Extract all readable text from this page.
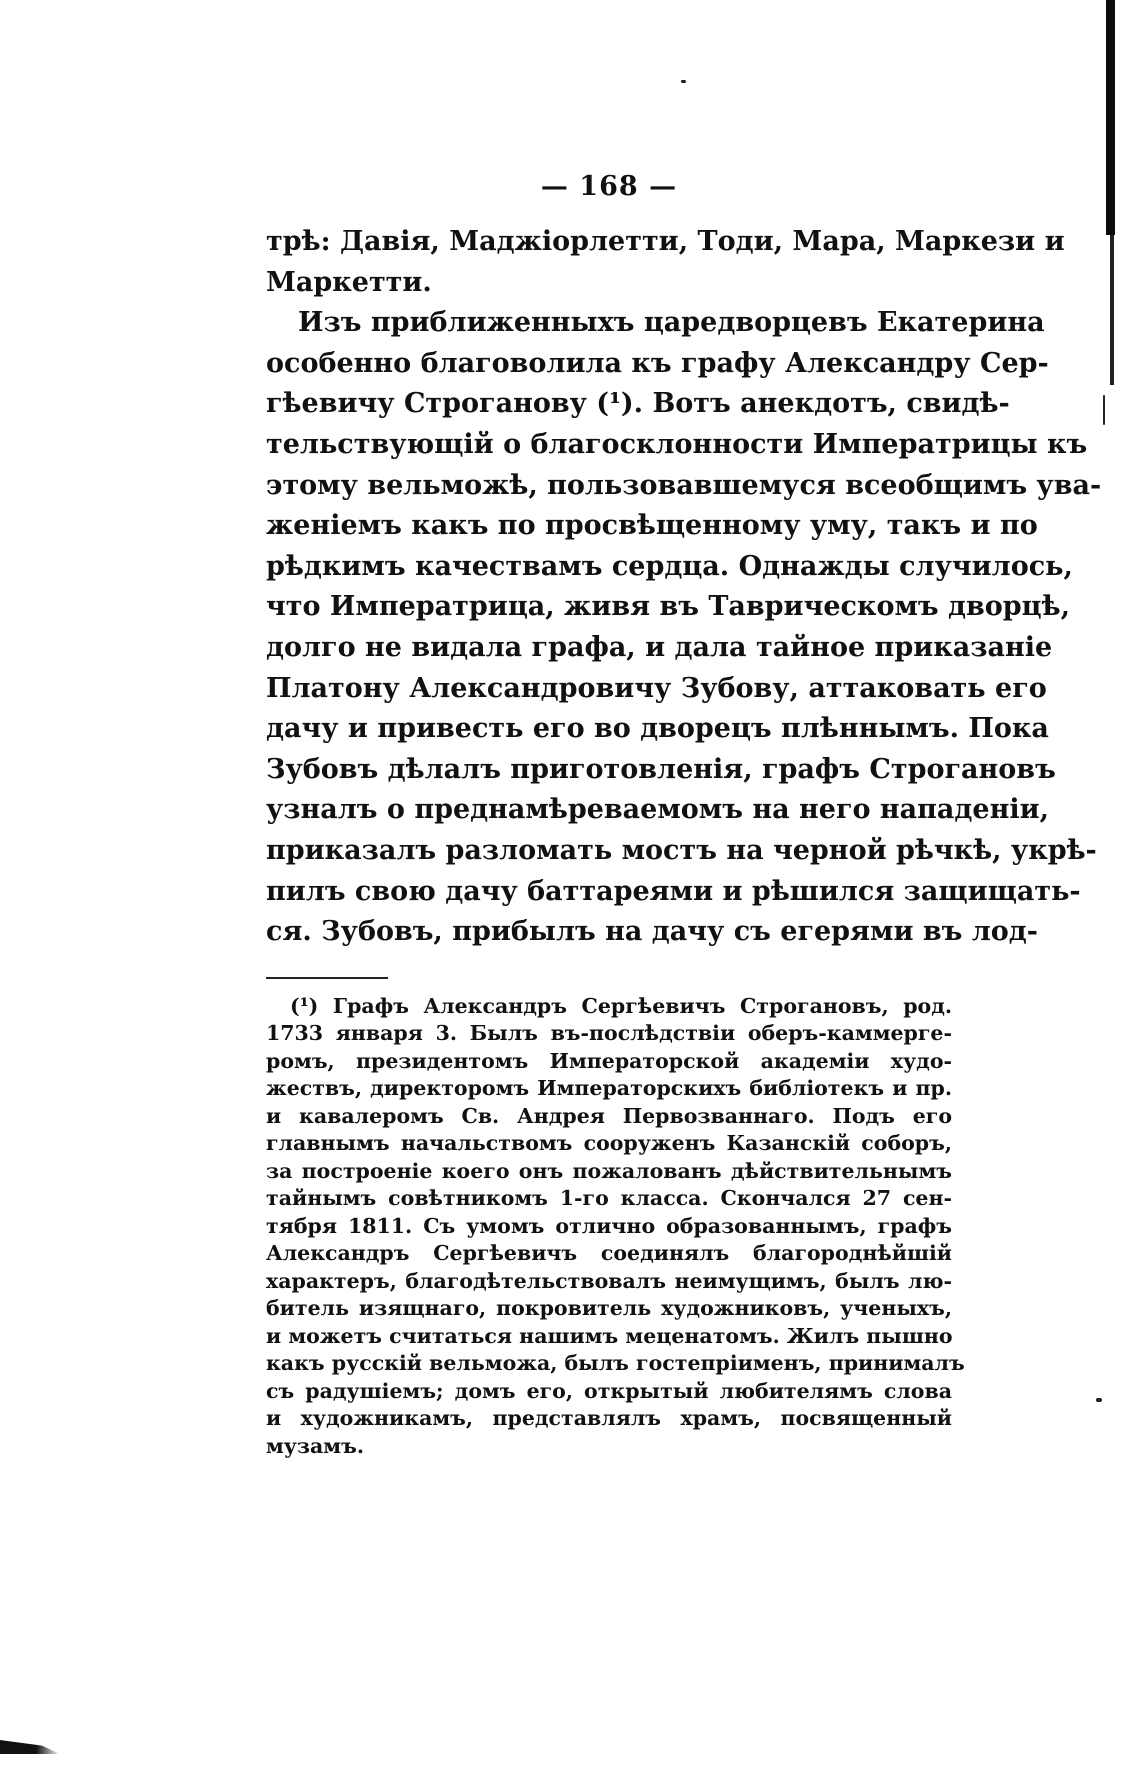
— 168 —
трѣ: Давія, Маджіорлетти, Тоди, Мара, Маркези и
Маркетти.
Изъ приближенныхъ царедворцевъ Екатерина
особенно благоволила къ графу Александру Сер-
гѣевичу Строганову (¹). Вотъ анекдотъ, свидѣ-
тельствующій о благосклонности Императрицы къ
этому вельможѣ, пользовавшемуся всеобщимъ ува-
женіемъ какъ по просвѣщенному уму, такъ и по
рѣдкимъ качествамъ сердца. Однажды случилось,
что Императрица, живя въ Таврическомъ дворцѣ,
долго не видала графа, и дала тайное приказаніе
Платону Александровичу Зубову, аттаковать его
дачу и привесть его во дворецъ плѣннымъ. Пока
Зубовъ дѣлалъ приготовленія, графъ Строгановъ
узналъ о преднамѣреваемомъ на него нападеніи,
приказалъ разломать мостъ на черной рѣчкѣ, укрѣ-
пилъ свою дачу баттареями и рѣшился защищать-
ся. Зубовъ, прибылъ на дачу съ егерями въ лод-
(¹) Графъ Александръ Сергѣевичъ Строгановъ, род.
1733 января 3. Былъ въ-послѣдствіи оберъ-каммерге-
ромъ, президентомъ Императорской академіи худо-
жествъ, директоромъ Императорскихъ библіотекъ и пр.
и кавалеромъ Св. Андрея Первозваннаго. Подъ его
главнымъ начальствомъ сооруженъ Казанскій соборъ,
за построеніе коего онъ пожалованъ дѣйствительнымъ
тайнымъ совѣтникомъ 1-го класса. Скончался 27 сен-
тября 1811. Съ умомъ отлично образованнымъ, графъ
Александръ Сергѣевичъ соединялъ благороднѣйшій
характеръ, благодѣтельствовалъ неимущимъ, былъ лю-
битель изящнаго, покровитель художниковъ, ученыхъ,
и можетъ считаться нашимъ меценатомъ. Жилъ пышно
какъ русскій вельможа, былъ гостепріименъ, принималъ
съ радушіемъ; домъ его, открытый любителямъ слова
и художникамъ, представлялъ храмъ, посвященный
музамъ.
